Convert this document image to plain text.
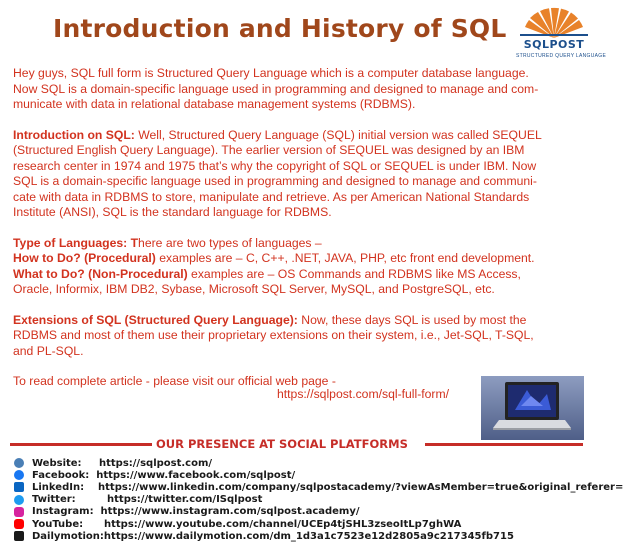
Introduction and History of SQL
SQLPOST
STRUCTURED QUERY LANGUAGE

Hey guys, SQL full form is Structured Query Language which is a computer database language.
Now SQL is a domain-specific language used in programming and designed to manage and com-
municate with data in relational database management systems (RDBMS).

Introduction on SQL: Well, Structured Query Language (SQL) initial version was called SEQUEL
(Structured English Query Language). The earlier version of SEQUEL was designed by an IBM
research center in 1974 and 1975 that’s why the copyright of SQL or SEQUEL is under IBM. Now
SQL is a domain-specific language used in programming and designed to manage and communi-
cate with data in RDBMS to store, manipulate and retrieve. As per American National Standards
Institute (ANSI), SQL is the standard language for RDBMS.

Type of Languages: There are two types of languages –
How to Do? (Procedural) examples are – C, C++, .NET, JAVA, PHP, etc front end development.
What to Do? (Non-Procedural) examples are – OS Commands and RDBMS like MS Access,
Oracle, Informix, IBM DB2, Sybase, Microsoft SQL Server, MySQL, and PostgreSQL, etc.

Extensions of SQL (Structured Query Language): Now, these days SQL is used by most the
RDBMS and most of them use their proprietary extensions on their system, i.e., Jet-SQL, T-SQL,
and PL-SQL.

To read complete article - please visit our official web page -

https://sqlpost.com/sql-full-form/
OUR PRESENCE AT SOCIAL PLATFORMS
Website:
https://sqlpost.com/
Facebook:
https://www.facebook.com/sqlpost/
LinkedIn:
https://www.linkedin.com/company/sqlpostacademy/?viewAsMember=true&original_referer=
Twitter:
	https://twitter.com/ISqlpost
Instagram:
https://www.instagram.com/sqlpost.academy/
YouTube:
https://www.youtube.com/channel/UCEp4tjSHL3zseoItLp7ghWA
Dailymotion: https://www.dailymotion.com/dm_1d3a1c7523e12d2805a9c217345fb715
